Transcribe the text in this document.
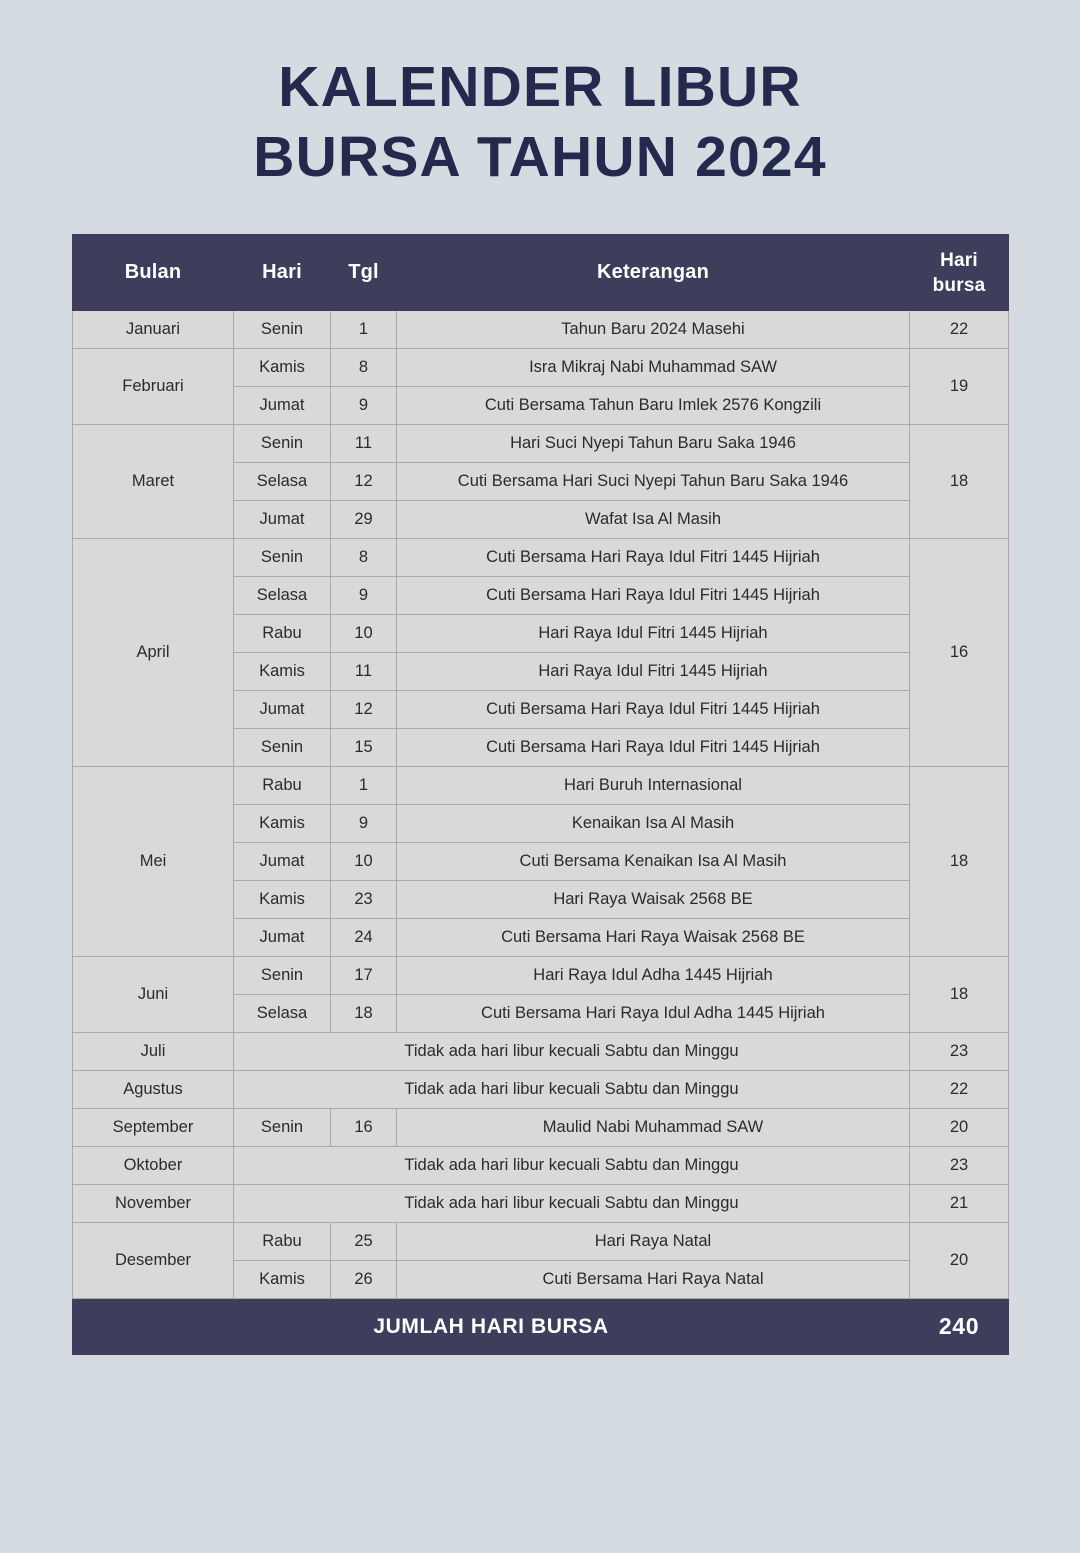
KALENDER LIBUR
BURSA TAHUN 2024
Bulan	Hari	Tgl	Keterangan	Hari
bursa
Januari	Senin	1	Tahun Baru 2024 Masehi	22
Februari	Kamis	8	Isra Mikraj Nabi Muhammad SAW	19
	Jumat	9	Cuti Bersama Tahun Baru Imlek 2576 Kongzili	
Maret	Senin	11	Hari Suci Nyepi Tahun Baru Saka 1946	18
	Selasa	12	Cuti Bersama Hari Suci Nyepi Tahun Baru Saka 1946	
	Jumat	29	Wafat Isa Al Masih	
April	Senin	8	Cuti Bersama Hari Raya Idul Fitri 1445 Hijriah	16
	Selasa	9	Cuti Bersama Hari Raya Idul Fitri 1445 Hijriah	
	Rabu	10	Hari Raya Idul Fitri 1445 Hijriah	
	Kamis	11	Hari Raya Idul Fitri 1445 Hijriah	
	Jumat	12	Cuti Bersama Hari Raya Idul Fitri 1445 Hijriah	
	Senin	15	Cuti Bersama Hari Raya Idul Fitri 1445 Hijriah	
Mei	Rabu	1	Hari Buruh Internasional	18
	Kamis	9	Kenaikan Isa Al Masih	
	Jumat	10	Cuti Bersama Kenaikan Isa Al Masih	
	Kamis	23	Hari Raya Waisak 2568 BE	
	Jumat	24	Cuti Bersama Hari Raya Waisak 2568 BE	
Juni	Senin	17	Hari Raya Idul Adha 1445 Hijriah	18
	Selasa	18	Cuti Bersama Hari Raya Idul Adha 1445 Hijriah	
Juli	Tidak ada hari libur kecuali Sabtu dan Minggu			23
Agustus	Tidak ada hari libur kecuali Sabtu dan Minggu			22
September	Senin	16	Maulid Nabi Muhammad SAW	20
Oktober	Tidak ada hari libur kecuali Sabtu dan Minggu			23
November	Tidak ada hari libur kecuali Sabtu dan Minggu			21
Desember	Rabu	25	Hari Raya Natal	20
	Kamis	26	Cuti Bersama Hari Raya Natal	
JUMLAH HARI BURSA				240
